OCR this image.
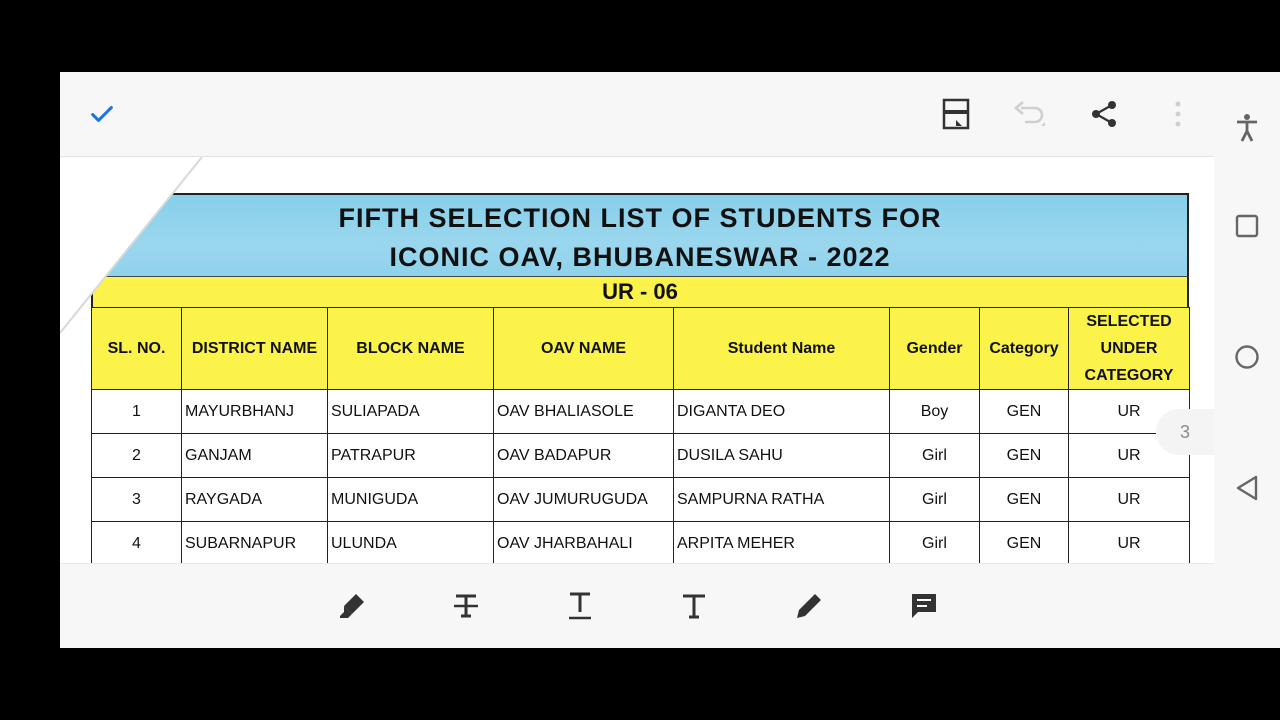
FIFTH SELECTION LIST OF STUDENTS FOR
ICONIC OAV, BHUBANESWAR - 2022
UR - 06
SL. NO.	DISTRICT NAME	BLOCK NAME	OAV NAME	Student Name	Gender	Category	SELECTED UNDER CATEGORY
1	MAYURBHANJ	SULIAPADA	OAV BHALIASOLE	DIGANTA DEO	Boy	GEN	UR
2	GANJAM	PATRAPUR	OAV BADAPUR	DUSILA SAHU	Girl	GEN	UR
3	RAYGADA	MUNIGUDA	OAV JUMURUGUDA	SAMPURNA RATHA	Girl	GEN	UR
4	SUBARNAPUR	ULUNDA	OAV JHARBAHALI	ARPITA MEHER	Girl	GEN	UR
3
